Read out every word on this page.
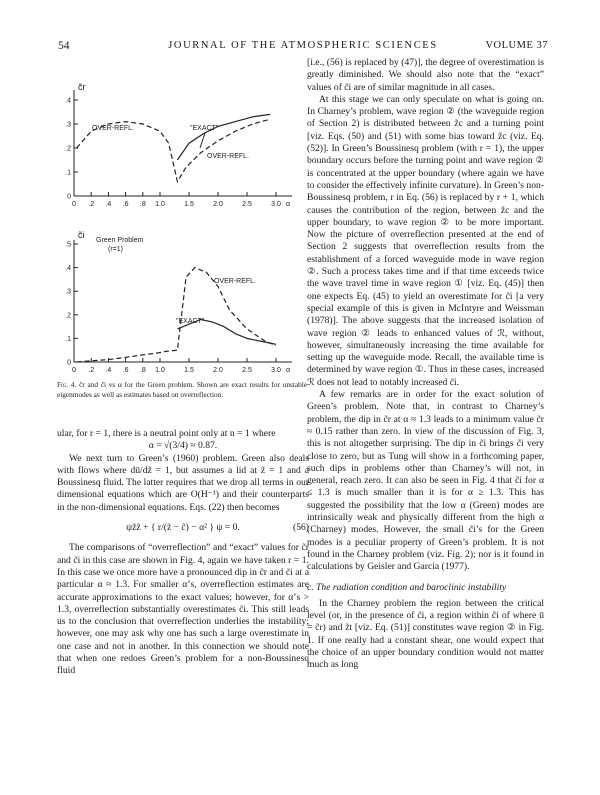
54	JOURNAL OF THE ATMOSPHERIC SCIENCES	VOLUME 37
c̃r
.4
.3
.2
.1
0
0 .2 .4 .6 .8 1.0	1.5	2.0	2.5	3.0 α
OVER-REFL.	"EXACT"
OVER-REFL.
c̃i
Green Problem
(r=1)
.5
.4
.3
.2
.1
0
0 .2 .4 .6 .8 1.0	1.5	2.0	2.5	3.0 α
OVER-REFL.
"EXACT"
Fig. 4. c̃r and c̃i vs α for the Green problem. Shown are exact results for unstable eigenmodes as well as estimates based on overreflection.

ular, for r = 1, there is a neutral point only at n = 1 where

α = √(3/4) ≈ 0.87.

We next turn to Green’s (1960) problem. Green also deals with flows where dū/dz̃ = 1, but assumes a lid at z̃ = 1 and a Boussinesq fluid. The latter requires that we drop all terms in our dimensional equations which are O(H⁻¹) and their counterparts in the non-dimensional equations. Eqs. (22) then becomes

ψz̃z̃ + { r/(z̃ − c̃) − α² } ψ = 0.	(56)

The comparisons of “overreflection” and “exact” values for c̃r and c̃i in this case are shown in Fig. 4, again we have taken r = 1. In this case we once more have a pronounced dip in c̃r and c̃i at a particular α ≈ 1.3. For smaller α’s, overreflection estimates are accurate approximations to the exact values; however, for α’s > 1.3, overreflection substantially overestimates c̃i. This still leads us to the conclusion that overreflection underlies the instability; however, one may ask why one has such a large overestimate in one case and not in another. In this connection we should note that when one redoes Green’s problem for a non-Boussinesq fluid

[i.e., (56) is replaced by (47)], the degree of overestimation is greatly diminished. We should also note that the “exact” values of c̃i are of similar magnitude in all cases.

At this stage we can only speculate on what is going on. In Charney’s problem, wave region ② (the waveguide region of Section 2) is distributed between z̃c and a turning point [viz. Eqs. (50) and (51) with some bias toward z̃c (viz. Eq. (52)]. In Green’s Boussinesq problem (with r = 1), the upper boundary occurs before the turning point and wave region ② is concentrated at the upper boundary (where again we have to consider the effectively infinite curvature). In Green’s non-Boussinesq problem, r in Eq. (56) is replaced by r + 1, which causes the contribution of the region, between z̃c and the upper boundary, to wave region ② to be more important. Now the picture of overreflection presented at the end of Section 2 suggests that overreflection results from the establishment of a forced waveguide mode in wave region ②. Such a process takes time and if that time exceeds twice the wave travel time in wave region ① [viz. Eq. (45)] then one expects Eq. (45) to yield an overestimate for c̃i [a very special example of this is given in McIntyre and Weissman (1978)]. The above suggests that the increased isolation of wave region ② leads to enhanced values of ℛ, without, however, simultaneously increasing the time available for setting up the waveguide mode. Recall, the available time is determined by wave region ①. Thus in these cases, increased ℛ does not lead to notably increased c̃i.

A few remarks are in order for the exact solution of Green’s problem. Note that, in contrast to Charney’s problem, the dip in c̃r at α ≈ 1.3 leads to a minimum value c̃r ≈ 0.15 rather than zero. In view of the discussion of Fig. 3, this is not altogether surprising. The dip in c̃i brings c̃i very close to zero, but as Tung will show in a forthcoming paper, such dips in problems other than Charney’s will not, in general, reach zero. It can also be seen in Fig. 4 that c̃i for α ≤ 1.3 is much smaller than it is for α ≥ 1.3. This has suggested the possibility that the low α (Green) modes are intrinsically weak and physically different from the high α (Charney) modes. However, the small c̃i’s for the Green modes is a peculiar property of Green’s problem. It is not found in the Charney problem (viz. Fig. 2); nor is it found in calculations by Geisler and Garcia (1977).

c. The radiation condition and baroclinic instability

In the Charney problem the region between the critical level (or, in the presence of c̃i, a region within c̃i of where ū = c̃r) and z̃t [viz. Eq. (51)] constitutes wave region ② in Fig. 1. If one really had a constant shear, one would expect that the choice of an upper boundary condition would not matter much as long
